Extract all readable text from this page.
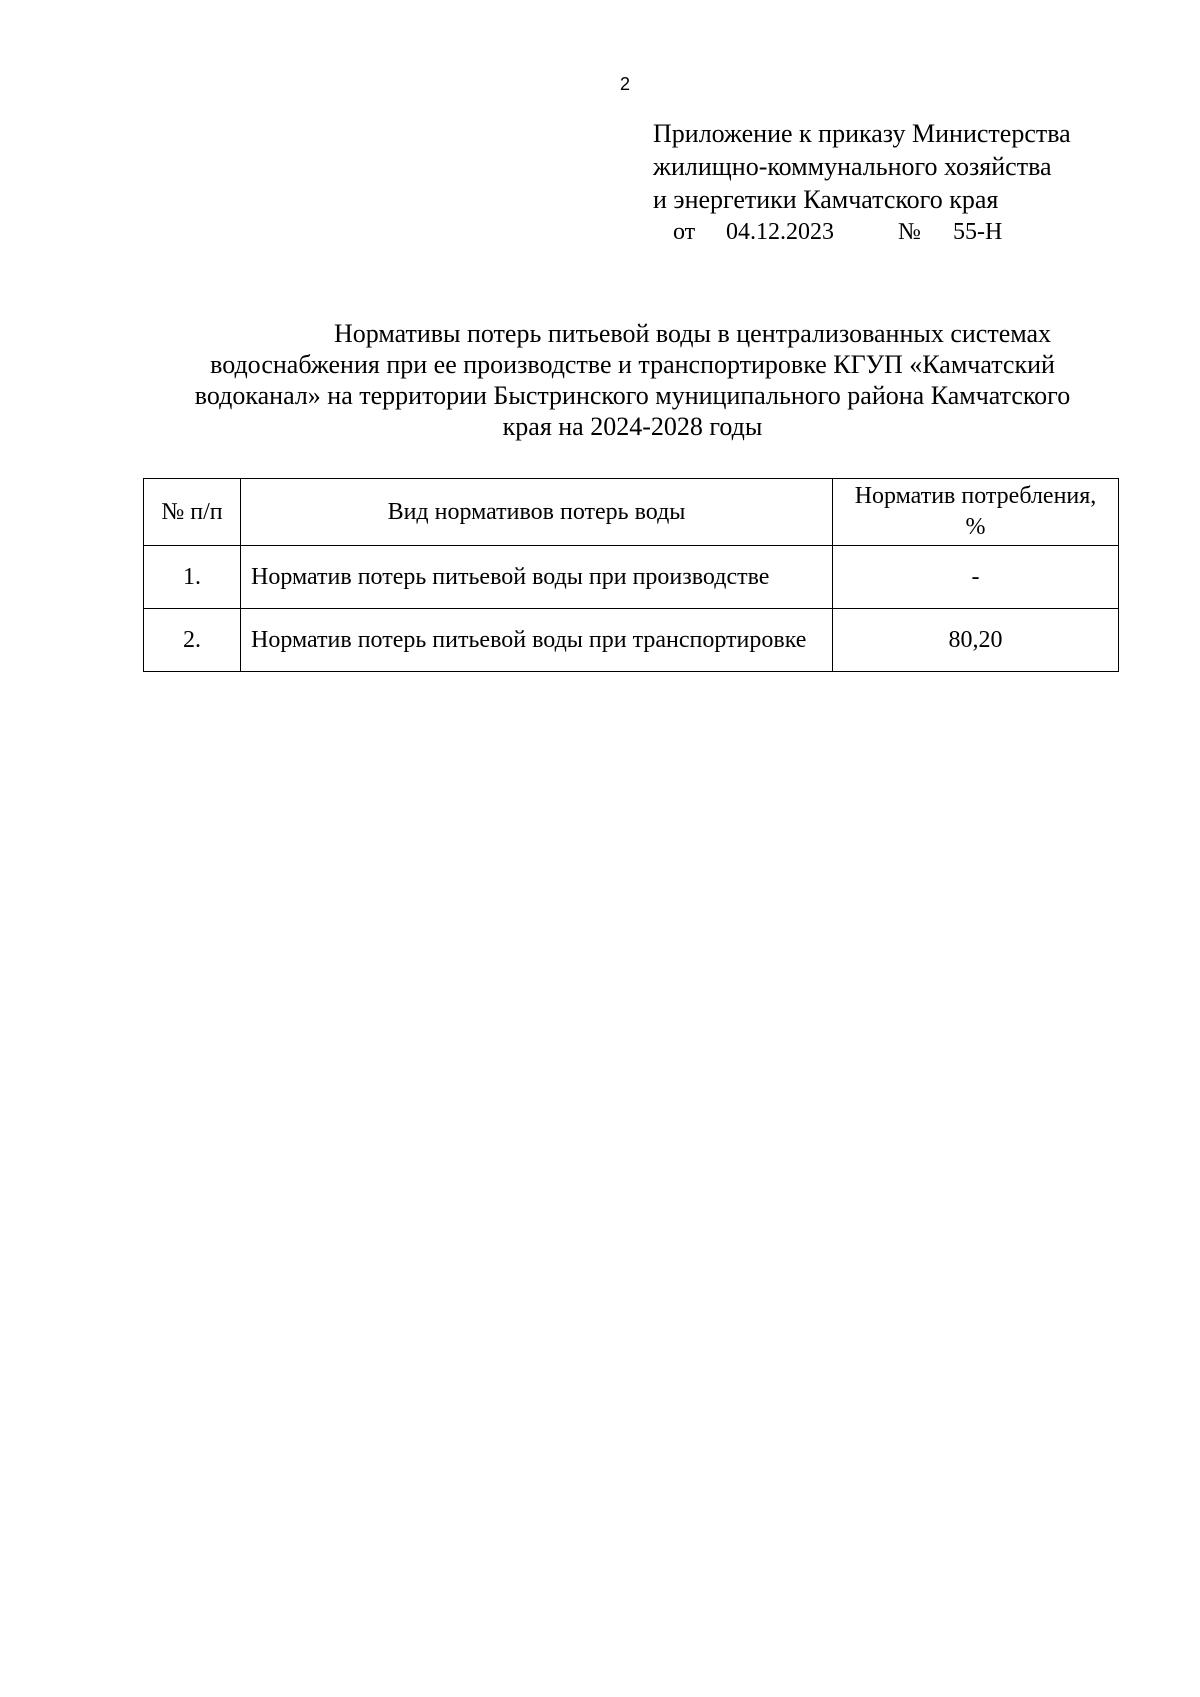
2
Приложение к приказу Министерства
жилищно-коммунального хозяйства
и энергетики Камчатского края
от	04.12.2023	№	55-Н
Нормативы потерь питьевой воды в централизованных системах
водоснабжения при ее производстве и транспортировке КГУП «Камчатский
водоканал» на территории Быстринского муниципального района Камчатского
края на 2024-2028 годы
№ п/п	Вид нормативов потерь воды	Норматив потребления, %
1.	Норматив потерь питьевой воды при производстве	-
2.	Норматив потерь питьевой воды при транспортировке	80,20
